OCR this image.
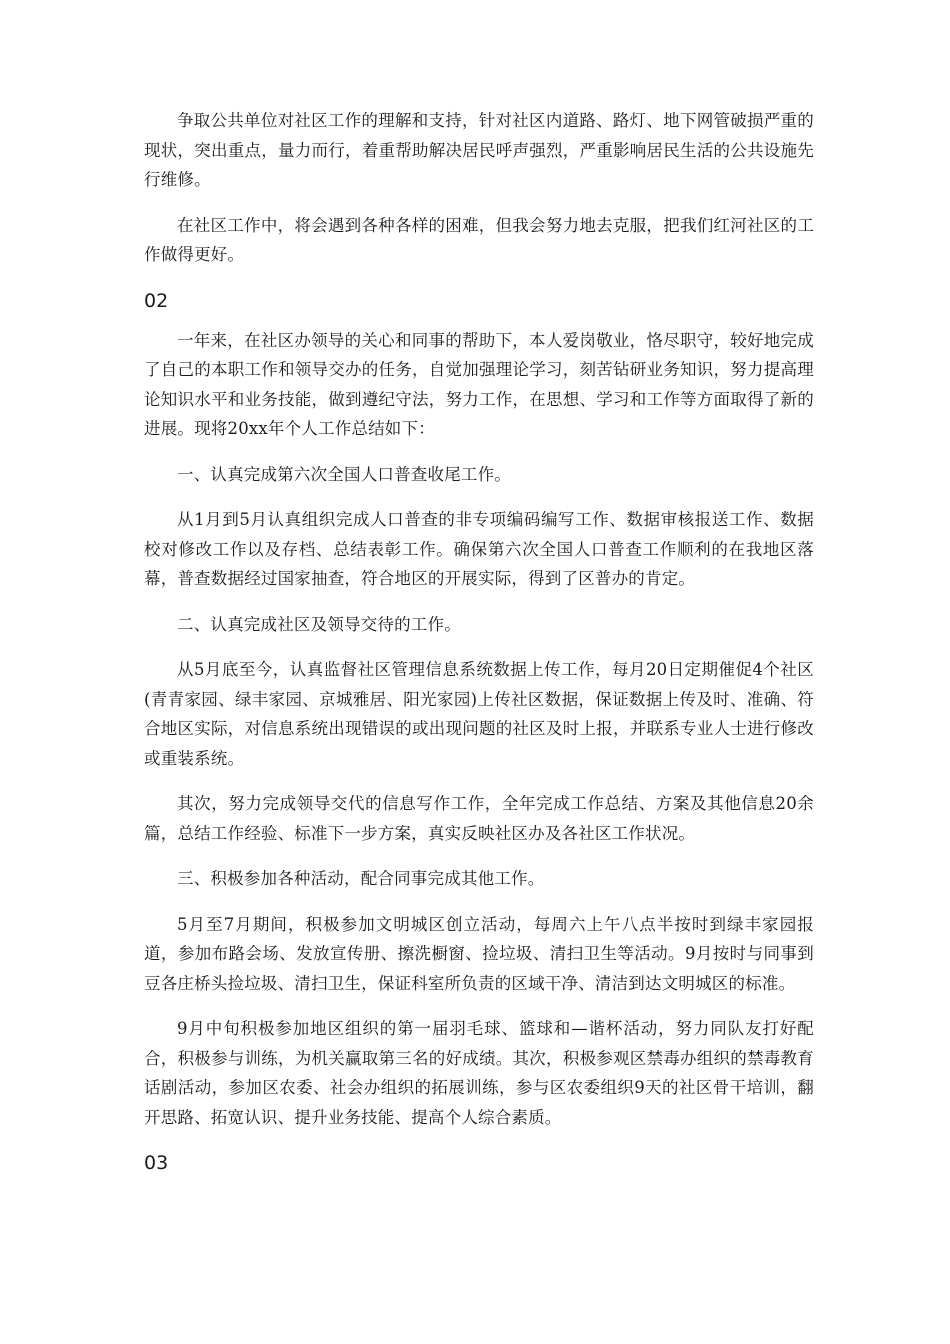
争取公共单位对社区工作的理解和支持，针对社区内道路、路灯、地下网管破损严重的现状，突出重点，量力而行，着重帮助解决居民呼声强烈，严重影响居民生活的公共设施先行维修。

在社区工作中，将会遇到各种各样的困难，但我会努力地去克服，把我们红河社区的工作做得更好。

02

一年来，在社区办领导的关心和同事的帮助下，本人爱岗敬业，恪尽职守，较好地完成了自己的本职工作和领导交办的任务，自觉加强理论学习，刻苦钻研业务知识，努力提高理论知识水平和业务技能，做到遵纪守法，努力工作，在思想、学习和工作等方面取得了新的进展。现将20xx年个人工作总结如下：

一、认真完成第六次全国人口普查收尾工作。

从1月到5月认真组织完成人口普查的非专项编码编写工作、数据审核报送工作、数据校对修改工作以及存档、总结表彰工作。确保第六次全国人口普查工作顺利的在我地区落幕，普查数据经过国家抽查，符合地区的开展实际，得到了区普办的肯定。

二、认真完成社区及领导交待的工作。

从5月底至今，认真监督社区管理信息系统数据上传工作，每月20日定期催促4个社区(青青家园、绿丰家园、京城雅居、阳光家园)上传社区数据，保证数据上传及时、准确、符合地区实际，对信息系统出现错误的或出现问题的社区及时上报，并联系专业人士进行修改或重装系统。

其次，努力完成领导交代的信息写作工作，全年完成工作总结、方案及其他信息20余篇，总结工作经验、标准下一步方案，真实反映社区办及各社区工作状况。

三、积极参加各种活动，配合同事完成其他工作。

5月至7月期间，积极参加文明城区创立活动，每周六上午八点半按时到绿丰家园报道，参加布路会场、发放宣传册、擦洗橱窗、捡垃圾、清扫卫生等活动。9月按时与同事到豆各庄桥头捡垃圾、清扫卫生，保证科室所负责的区域干净、清洁到达文明城区的标准。

9月中旬积极参加地区组织的第一届羽毛球、篮球和—谐杯活动，努力同队友打好配合，积极参与训练，为机关赢取第三名的好成绩。其次，积极参观区禁毒办组织的禁毒教育话剧活动，参加区农委、社会办组织的拓展训练，参与区农委组织9天的社区骨干培训，翻开思路、拓宽认识、提升业务技能、提高个人综合素质。

03
